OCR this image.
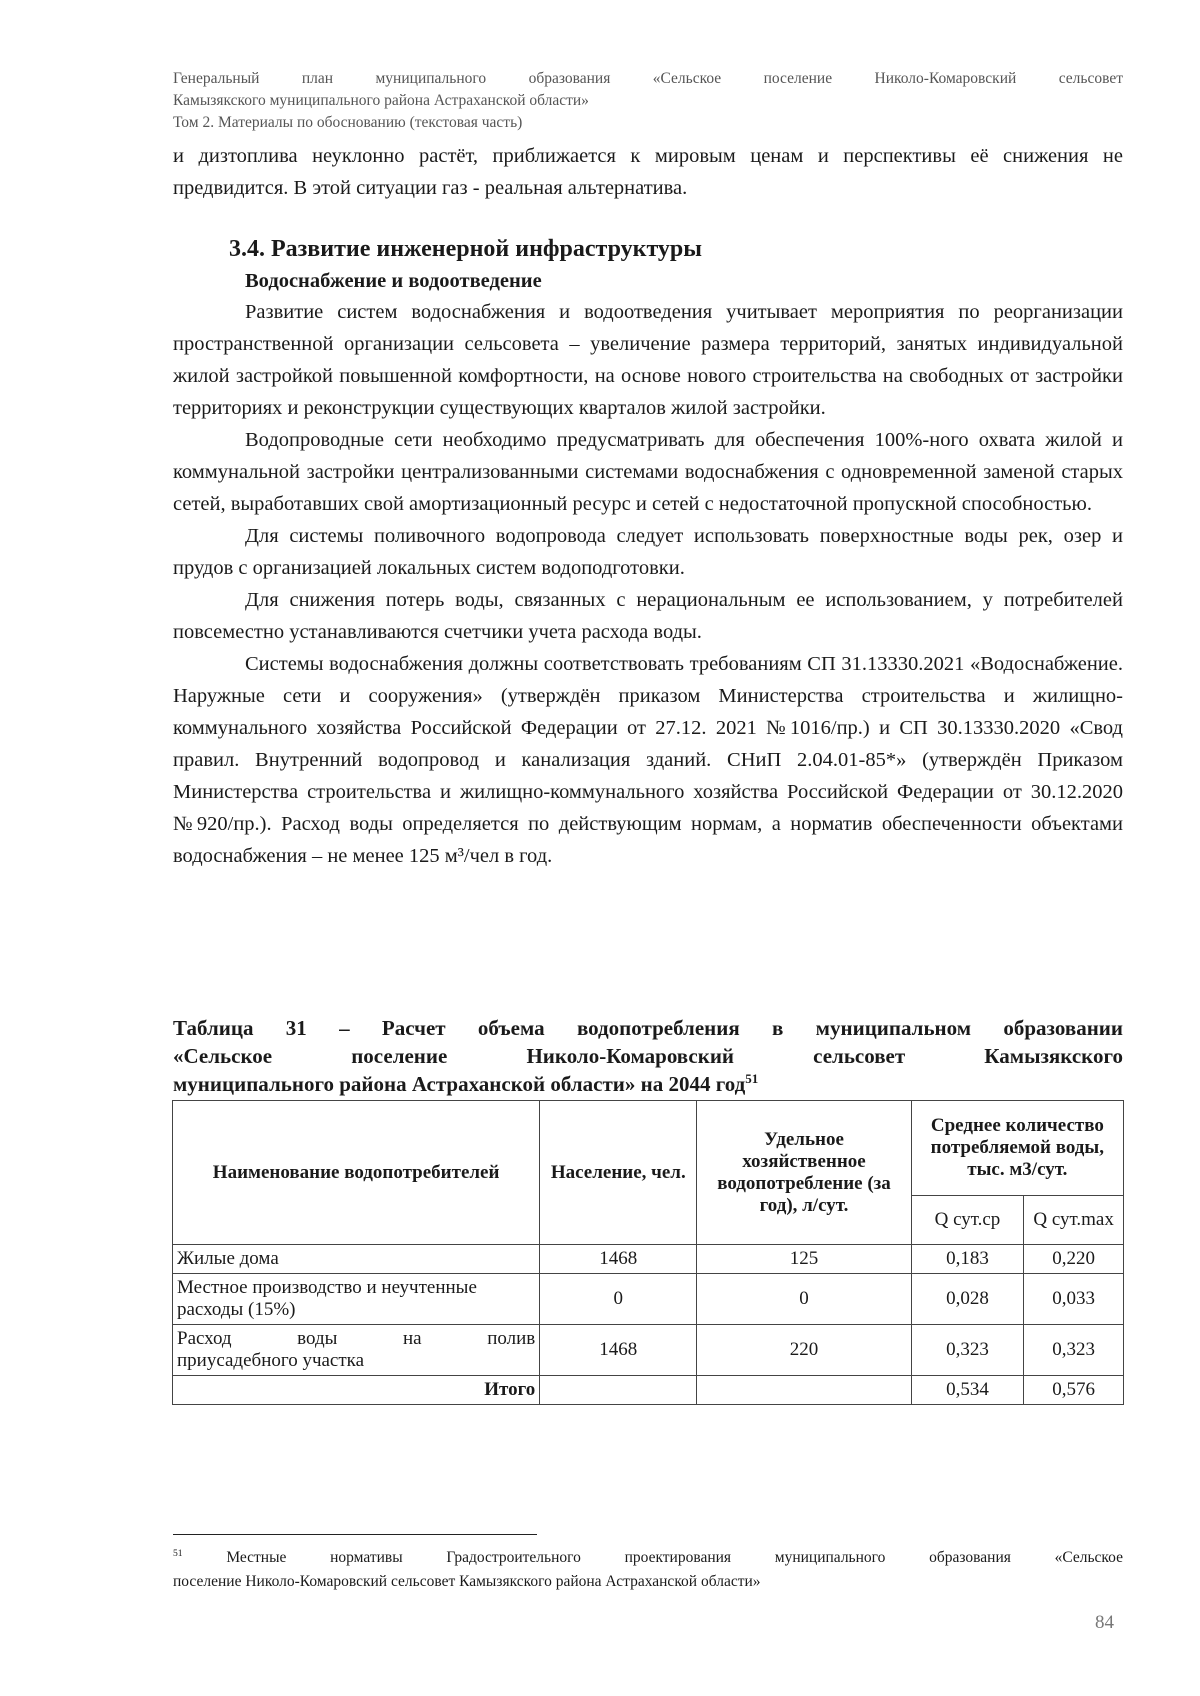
Генеральный план муниципального образования «Сельское поселение Николо-Комаровский сельсовет

Камызякского муниципального района Астраханской области»

Том 2. Материалы по обоснованию (текстовая часть)

и дизтоплива неуклонно растёт, приближается к мировым ценам и перспективы её снижения не предвидится. В этой ситуации газ - реальная альтернатива.

3.4. Развитие инженерной инфраструктуры

Водоснабжение и водоотведение

Развитие систем водоснабжения и водоотведения учитывает мероприятия по реорганизации пространственной организации сельсовета – увеличение размера территорий, занятых индивидуальной жилой застройкой повышенной комфортности, на основе нового строительства на свободных от застройки территориях и реконструкции существующих кварталов жилой застройки.

Водопроводные сети необходимо предусматривать для обеспечения 100%-ного охвата жилой и коммунальной застройки централизованными системами водоснабжения с одновременной заменой старых сетей, выработавших свой амортизационный ресурс и сетей с недостаточной пропускной способностью.

Для системы поливочного водопровода следует использовать поверхностные воды рек, озер и прудов с организацией локальных систем водоподготовки.

Для снижения потерь воды, связанных с нерациональным ее использованием, у потребителей повсеместно устанавливаются счетчики учета расхода воды.

Системы водоснабжения должны соответствовать требованиям СП 31.13330.2021 «Водоснабжение. Наружные сети и сооружения» (утверждён приказом Министерства строительства и жилищно-коммунального хозяйства Российской Федерации от 27.12. 2021 №1016/пр.) и СП 30.13330.2020 «Свод правил. Внутренний водопровод и канализация зданий. СНиП 2.04.01-85*» (утверждён Приказом Министерства строительства и жилищно-коммунального хозяйства Российской Федерации от 30.12.2020 №920/пр.). Расход воды определяется по действующим нормам, а норматив обеспеченности объектами водоснабжения – не менее 125 м³/чел в год.

Таблица 31 – Расчет объема водопотребления в муниципальном образовании
«Сельское поселение Николо-Комаровский сельсовет Камызякского
муниципального района Астраханской области» на 2044 год$^{51}$
Наименование водопотребителей	Население, чел.	Удельное хозяйственное водопотребление (за год), л/сут.	Среднее количество потребляемой воды, тыс. м3/сут.	
			Q сут.ср	Q сут.max
Жилые дома	1468	125	0,183	0,220

Местное производство и неучтенные
расходы (15%)	0	0	0,028	0,033

Расход воды на полив
приусадебного участка	1468	220	0,323	0,323
Итого			0,534	0,576
$^{51}$	Местные нормативы Градостроительного проектирования муниципального образования «Сельское
поселение Николо-Комаровский сельсовет Камызякского района Астраханской области»
84
